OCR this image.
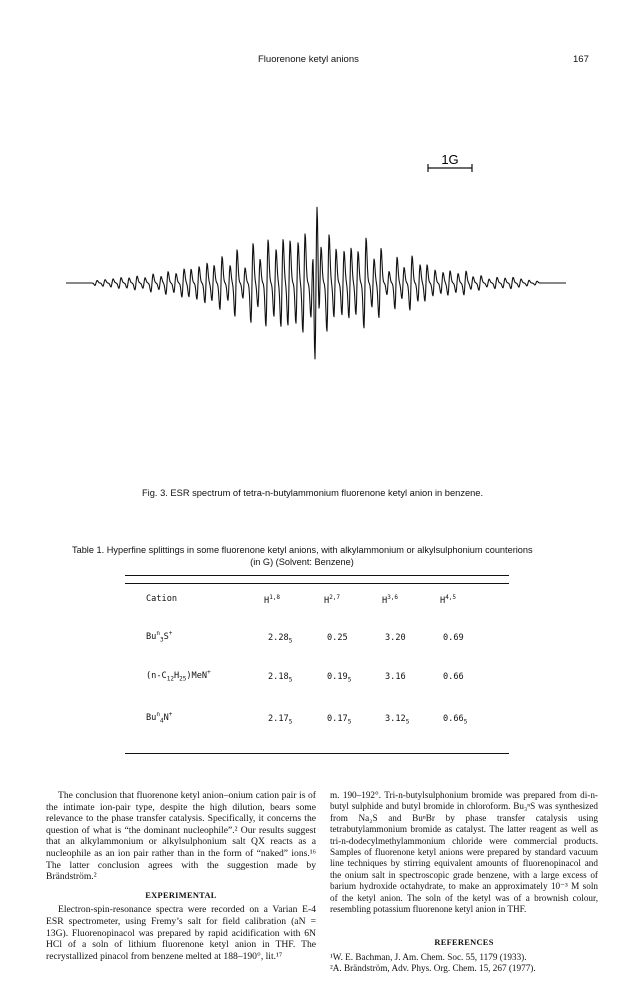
Fluorenone ketyl anions	167
1G
Fig. 3. ESR spectrum of tetra-n-butylammonium fluorenone ketyl anion in benzene.
Table 1. Hyperfine splittings in some fluorenone ketyl anions, with alkylammonium or alkylsulphonium counterions
(in G) (Solvent: Benzene)
Cation	H$^{1,8}$	H$^{2,7}$	H$^{3,6}$	H$^{4,5}$
$Bu^n_3S^+$	$2.28_5$	0.25	3.20	0.69
$(n-C_{12}H_{25})MeN^+$	$2.18_5$	$0.19_5$	3.16	0.66
$Bu^n_4N^+$	$2.17_5$	$0.17_5$	$3.12_5$	$0.66_5$

The conclusion that fluorenone ketyl anion–onium cation pair is of the intimate ion-pair type, despite the high dilution, bears some relevance to the phase transfer catalysis. Specifically, it concerns the question of what is “the dominant nucleophile”.² Our results suggest that an alkylammonium or alkylsulphonium salt QX reacts as a nucleophile as an ion pair rather than in the form of “naked” ions.¹⁶ The latter conclusion agrees with the suggestion made by Brändström.²

EXPERIMENTAL

Electron-spin-resonance spectra were recorded on a Varian E-4 ESR spectrometer, using Fremy’s salt for field calibration (aN = 13G). Fluorenopinacol was prepared by rapid acidification with 6N HCl of a soln of lithium fluorenone ketyl anion in THF. The recrystallized pinacol from benzene melted at 188–190°, lit.¹⁷

m. 190–192°. Tri-n-butylsulphonium bromide was prepared from di-n-butyl sulphide and butyl bromide in chloroform. Bu₃ⁿS was synthesized from Na₂S and BuⁿBr by phase transfer catalysis using tetrabutylammonium bromide as catalyst. The latter reagent as well as tri-n-dodecylmethylammonium chloride were commercial products. Samples of fluorenone ketyl anions were prepared by standard vacuum line techniques by stirring equivalent amounts of fluorenopinacol and the onium salt in spectroscopic grade benzene, with a large excess of barium hydroxide octahydrate, to make an approximately 10⁻³ M soln of the ketyl anion. The soln of the ketyl was of a brownish colour, resembling potassium fluorenone ketyl anion in THF.

REFERENCES

¹W. E. Bachman, J. Am. Chem. Soc. 55, 1179 (1933).

²A. Brändström, Adv. Phys. Org. Chem. 15, 267 (1977).
